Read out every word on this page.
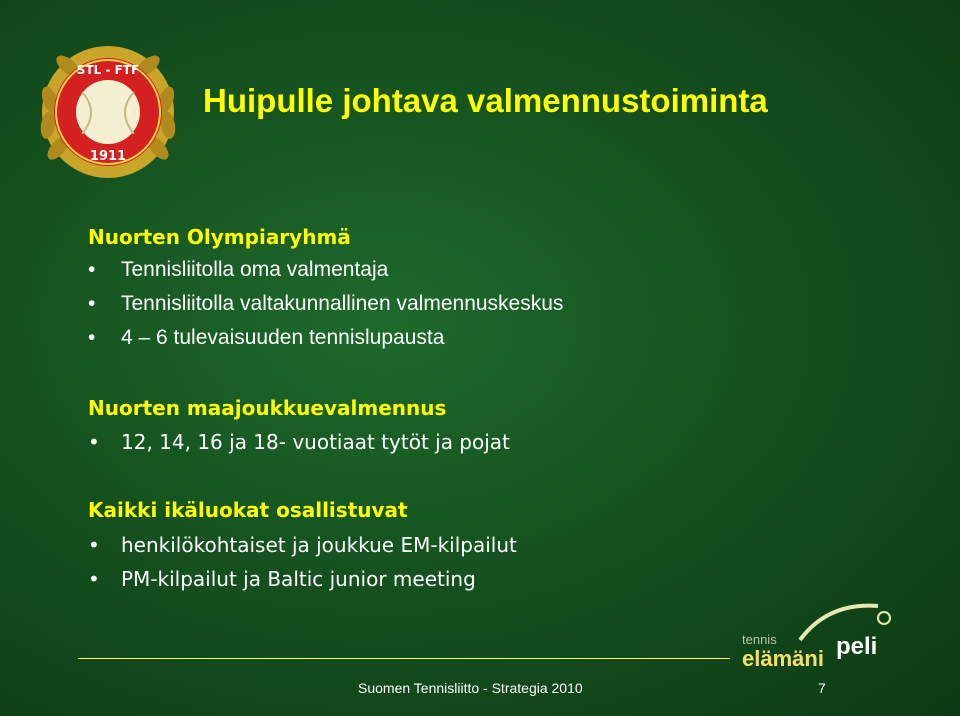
STL - FTF
1911
Huipulle johtava valmennustoiminta

Nuorten Olympiaryhmä

• Tennisliitolla oma valmentaja
• Tennisliitolla valtakunnallinen valmennuskeskus
• 4 – 6 tulevaisuuden tennislupausta

Nuorten maajoukkuevalmennus

• 12, 14, 16 ja 18- vuotiaat tytöt ja pojat

Kaikki ikäluokat osallistuvat

• henkilökohtaiset ja joukkue EM-kilpailut
• PM-kilpailut ja Baltic junior meeting
tennis
elämäni peli

Suomen Tennisliitto - Strategia 2010	7
